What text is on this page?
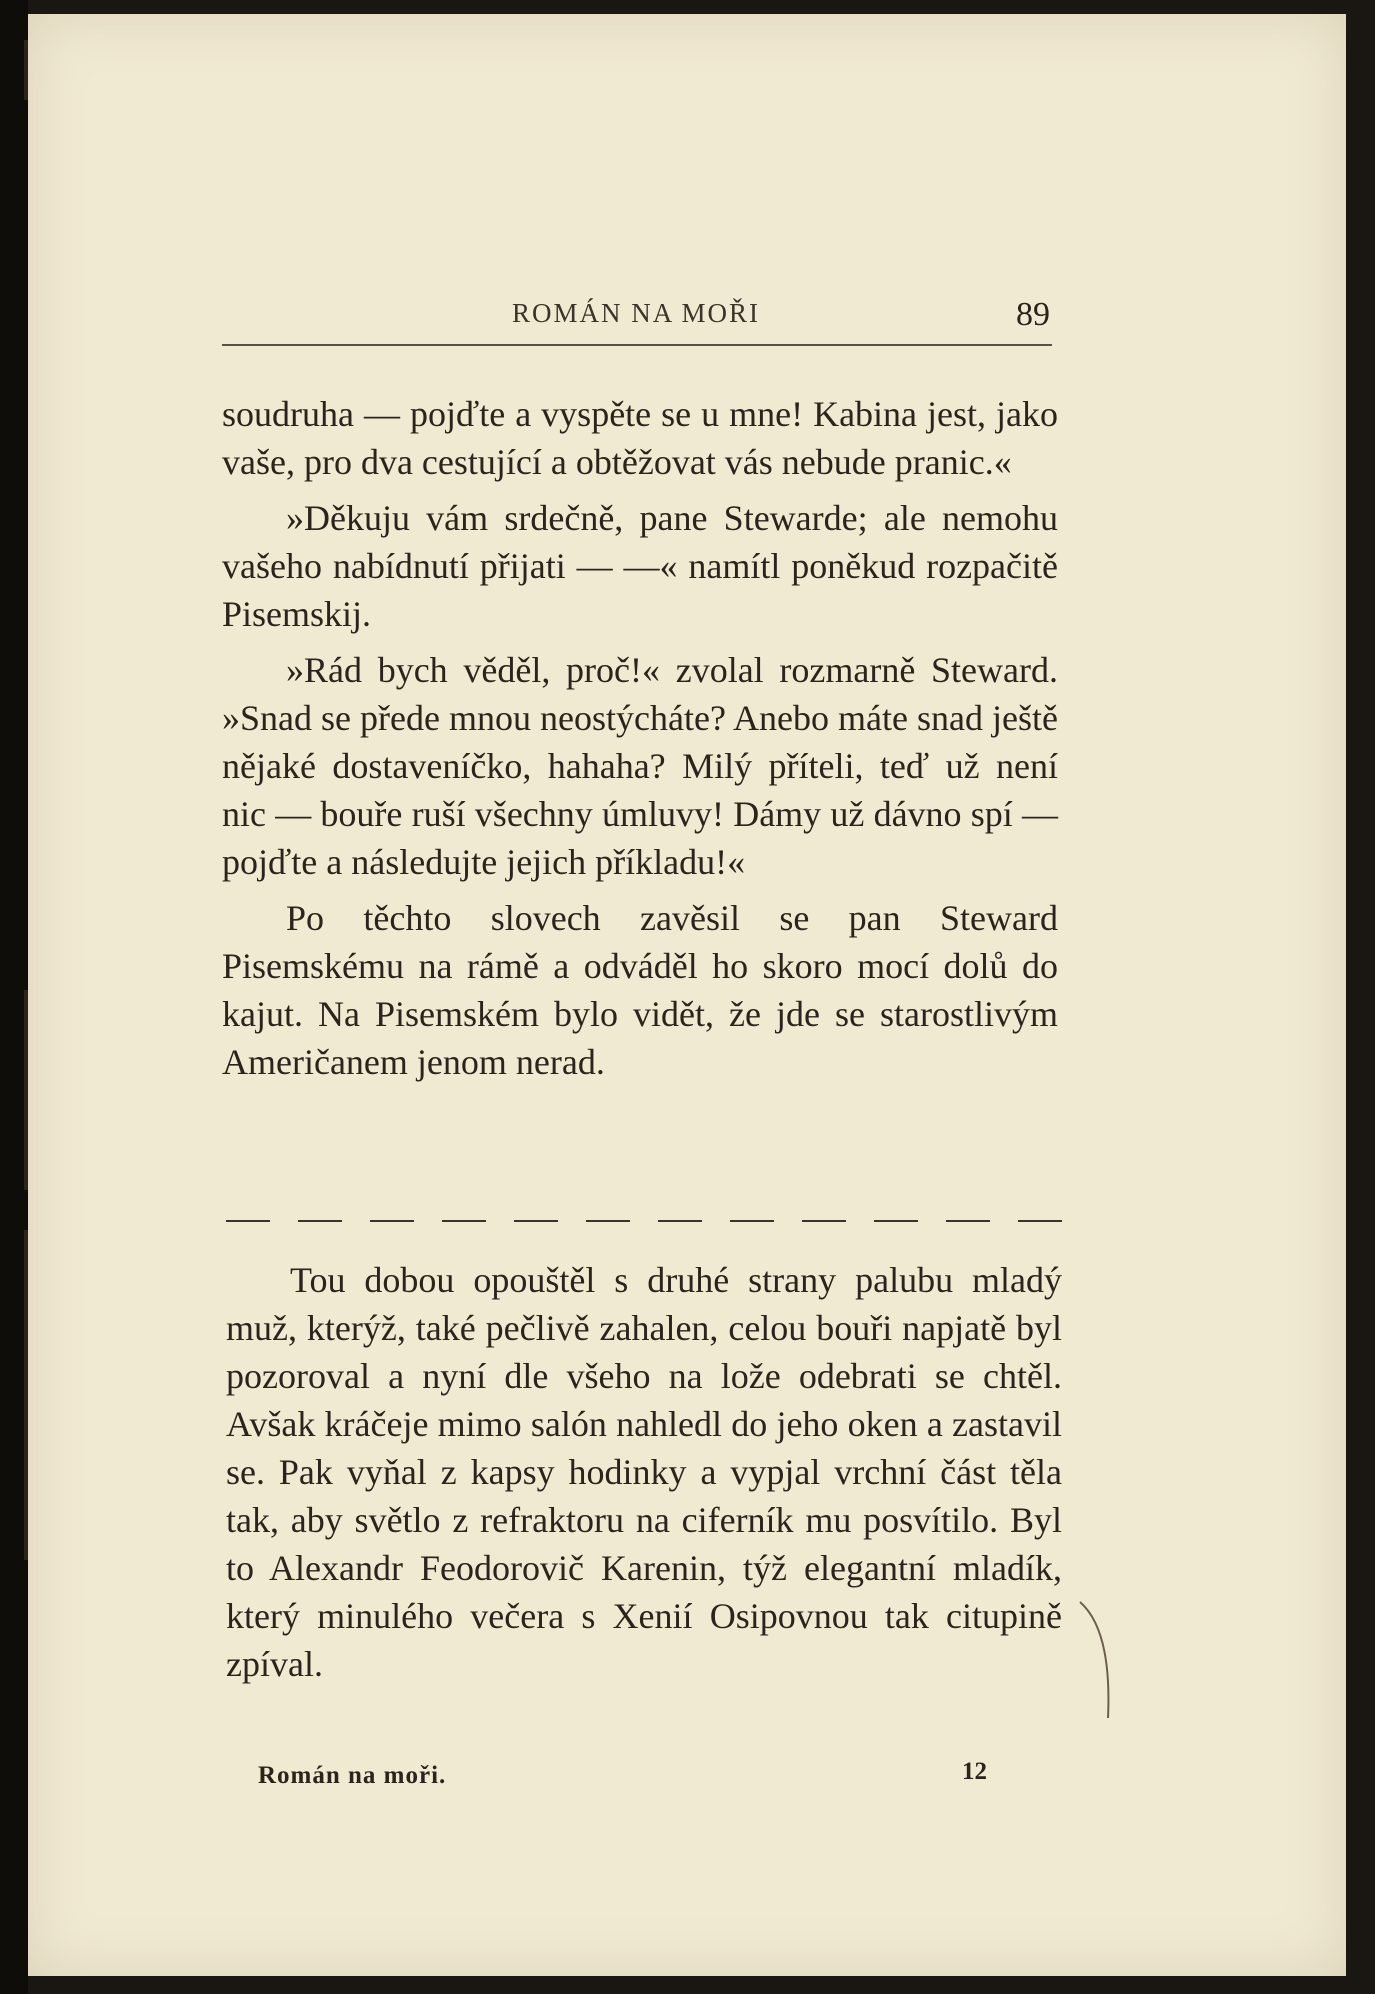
ROMÁN NA MOŘI	89

soudruha — pojďte a vyspěte se u mne! Kabina jest, jako vaše, pro dva cestující a obtěžovat vás nebude pranic.«

»Děkuju vám srdečně, pane Stewarde; ale nemohu vašeho nabídnutí přijati — —« namítl poněkud rozpačitě Pisemskij.

»Rád bych věděl, proč!« zvolal rozmarně Steward. »Snad se přede mnou neostýcháte? Anebo máte snad ještě nějaké dostaveníčko, hahaha? Milý příteli, teď už není nic — bouře ruší všechny úmluvy! Dámy už dávno spí — pojďte a následujte jejich příkladu!«

Po těchto slovech zavěsil se pan Steward Pisemskému na rámě a odváděl ho skoro mocí dolů do kajut. Na Pisemském bylo vidět, že jde se starostlivým Američanem jenom nerad.

Tou dobou opouštěl s druhé strany palubu mladý muž, kterýž, také pečlivě zahalen, celou bouři napjatě byl pozoroval a nyní dle všeho na lože odebrati se chtěl. Avšak kráčeje mimo salón nahledl do jeho oken a zastavil se. Pak vyňal z kapsy hodinky a vypjal vrchní část těla tak, aby světlo z refraktoru na ciferník mu posvítilo. Byl to Alexandr Feodorovič Karenin, týž elegantní mladík, který minulého večera s Xenií Osipovnou tak citupině zpíval.

Román na moři.	12
